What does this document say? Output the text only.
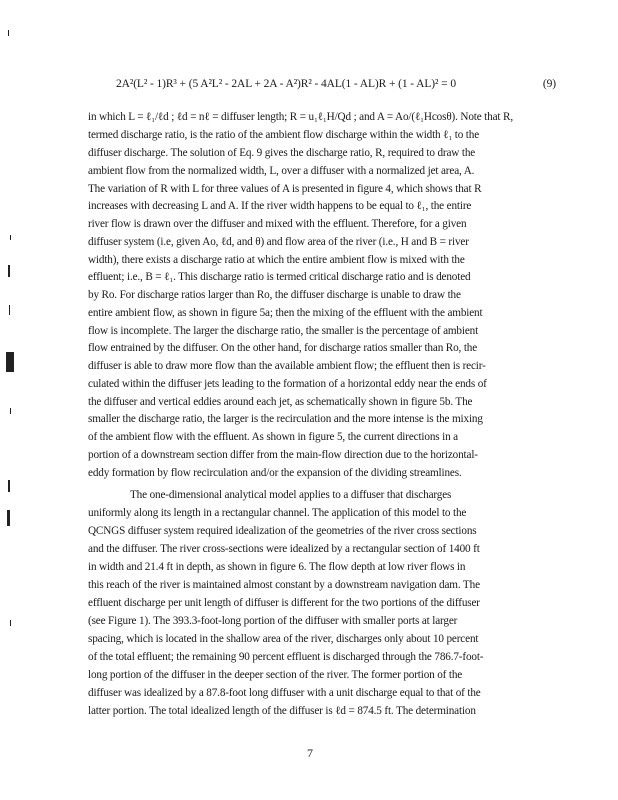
2A²(L² - 1)R³ + (5 A²L² - 2AL + 2A - A²)R² - 4AL(1 - AL)R + (1 - AL)² = 0	(9)
in which L = ℓ₁/ℓd ; ℓd = nℓ = diffuser length; R = u₁ℓ₁H/Qd ; and A = Ao/(ℓ₁Hcosθ). Note that R,
termed discharge ratio, is the ratio of the ambient flow discharge within the width ℓ₁ to the
diffuser discharge. The solution of Eq. 9 gives the discharge ratio, R, required to draw the
ambient flow from the normalized width, L, over a diffuser with a normalized jet area, A.
The variation of R with L for three values of A is presented in figure 4, which shows that R
increases with decreasing L and A. If the river width happens to be equal to ℓ₁, the entire
river flow is drawn over the diffuser and mixed with the effluent. Therefore, for a given
diffuser system (i.e, given Ao, ℓd, and θ) and flow area of the river (i.e., H and B = river
width), there exists a discharge ratio at which the entire ambient flow is mixed with the
effluent; i.e., B = ℓ₁. This discharge ratio is termed critical discharge ratio and is denoted
by Ro. For discharge ratios larger than Ro, the diffuser discharge is unable to draw the
entire ambient flow, as shown in figure 5a; then the mixing of the effluent with the ambient
flow is incomplete. The larger the discharge ratio, the smaller is the percentage of ambient
flow entrained by the diffuser. On the other hand, for discharge ratios smaller than Ro, the
diffuser is able to draw more flow than the available ambient flow; the effluent then is recir-
culated within the diffuser jets leading to the formation of a horizontal eddy near the ends of
the diffuser and vertical eddies around each jet, as schematically shown in figure 5b. The
smaller the discharge ratio, the larger is the recirculation and the more intense is the mixing
of the ambient flow with the effluent. As shown in figure 5, the current directions in a
portion of a downstream section differ from the main-flow direction due to the horizontal-
eddy formation by flow recirculation and/or the expansion of the dividing streamlines.
The one-dimensional analytical model applies to a diffuser that discharges
uniformly along its length in a rectangular channel. The application of this model to the
QCNGS diffuser system required idealization of the geometries of the river cross sections
and the diffuser. The river cross-sections were idealized by a rectangular section of 1400 ft
in width and 21.4 ft in depth, as shown in figure 6. The flow depth at low river flows in
this reach of the river is maintained almost constant by a downstream navigation dam. The
effluent discharge per unit length of diffuser is different for the two portions of the diffuser
(see Figure 1). The 393.3-foot-long portion of the diffuser with smaller ports at larger
spacing, which is located in the shallow area of the river, discharges only about 10 percent
of the total effluent; the remaining 90 percent effluent is discharged through the 786.7-foot-
long portion of the diffuser in the deeper section of the river. The former portion of the
diffuser was idealized by a 87.8-foot long diffuser with a unit discharge equal to that of the
latter portion. The total idealized length of the diffuser is ℓd = 874.5 ft. The determination
7
